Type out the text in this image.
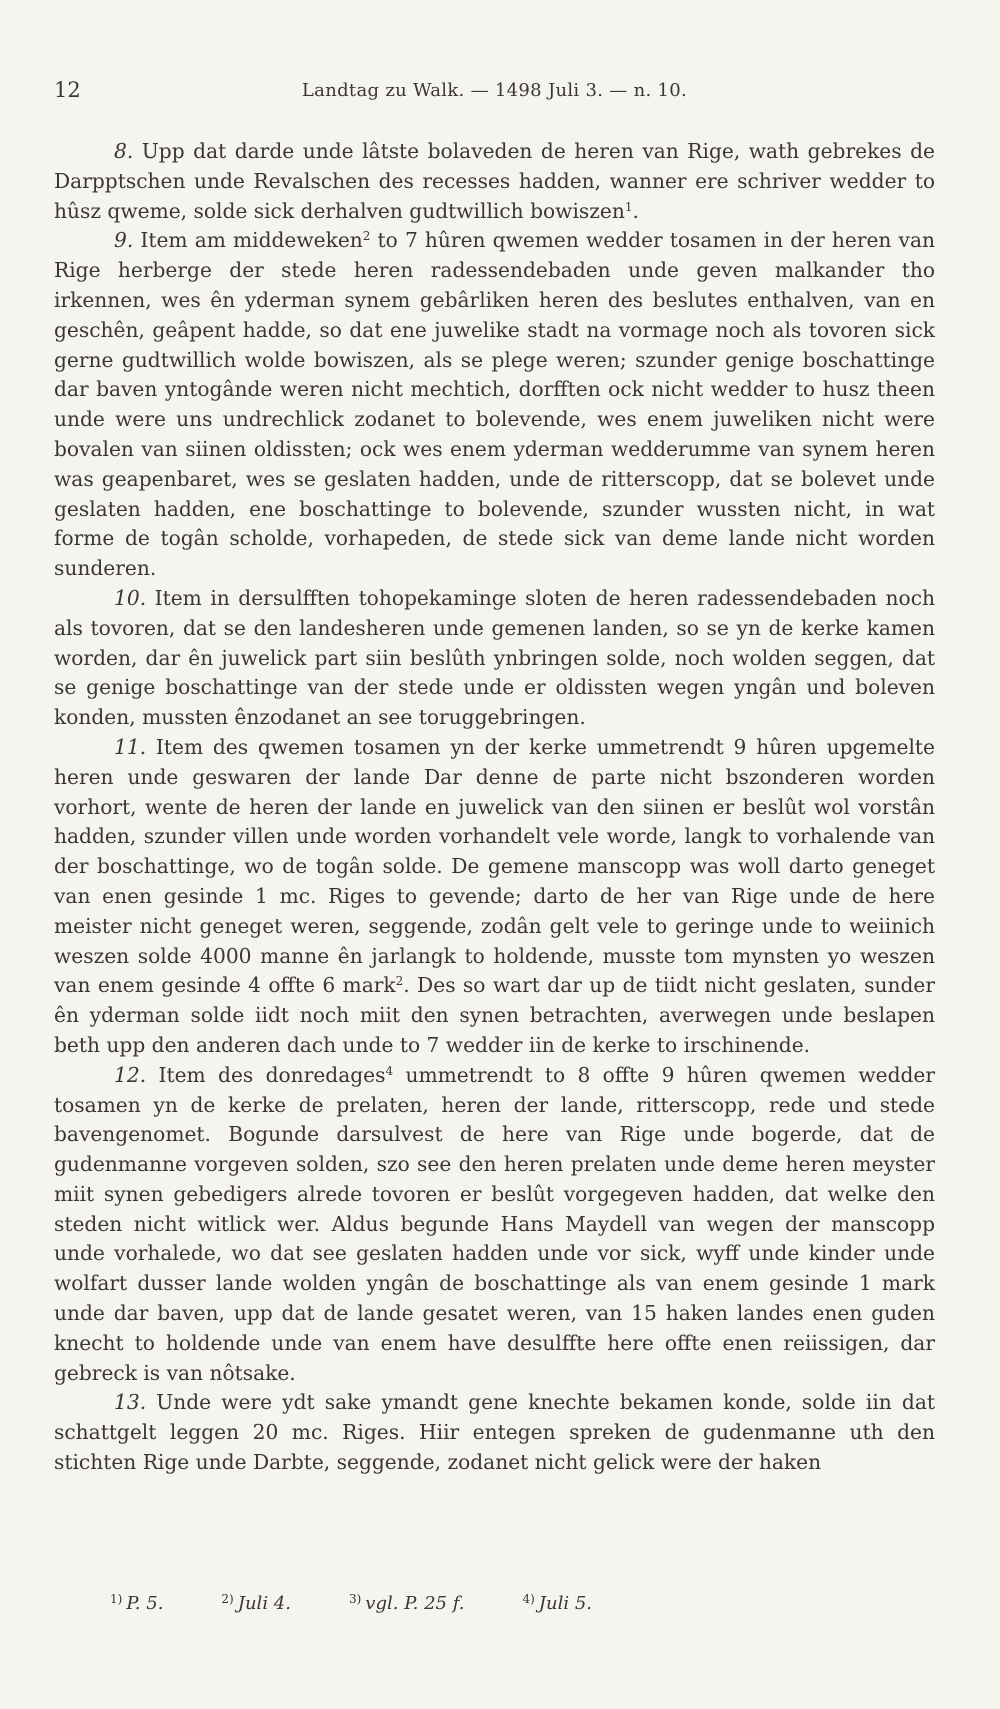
12	Landtag zu Walk. — 1498 Juli 3. — n. 10.

8. Upp dat darde unde lâtste bolaveden de heren van Rige, wath gebrekes de Darpptschen unde Revalschen des recesses hadden, wanner ere schriver wedder to hûsz qweme, solde sick derhalven gudtwillich bowiszen$^1$.

9. Item am middeweken$^2$ to 7 hûren qwemen wedder tosamen in der heren van Rige herberge der stede heren radessendebaden unde geven malkander tho irkennen, wes ên yderman synem gebârliken heren des beslutes enthalven, van en geschên, geâpent hadde, so dat ene juwelike stadt na vormage noch als tovoren sick gerne gudtwillich wolde bowiszen, als se plege weren; szunder genige boschattinge dar baven yntogânde weren nicht mechtich, dorfften ock nicht wedder to husz theen unde were uns undrechlick zodanet to bolevende, wes enem juweliken nicht were bovalen van siinen oldissten; ock wes enem yderman wedderumme van synem heren was geapenbaret, wes se geslaten hadden, unde de ritterscopp, dat se bolevet unde geslaten hadden, ene boschattinge to bolevende, szunder wussten nicht, in wat forme de togân scholde, vorhapeden, de stede sick van deme lande nicht worden sunderen.

10. Item in dersulfften tohopekaminge sloten de heren radessendebaden noch als tovoren, dat se den landesheren unde gemenen landen, so se yn de kerke kamen worden, dar ên juwelick part siin beslûth ynbringen solde, noch wolden seggen, dat se genige boschattinge van der stede unde er oldissten wegen yngân und boleven konden, mussten ênzodanet an see toruggebringen.

11. Item des qwemen tosamen yn der kerke ummetrendt 9 hûren upgemelte heren unde geswaren der lande Dar denne de parte nicht bszonderen worden vorhort, wente de heren der lande en juwelick van den siinen er beslût wol vorstân hadden, szunder villen unde worden vorhandelt vele worde, langk to vorhalende van der boschattinge, wo de togân solde. De gemene manscopp was woll darto geneget van enen gesinde 1 mc. Riges to gevende; darto de her van Rige unde de here meister nicht geneget weren, seggende, zodân gelt vele to geringe unde to weiinich weszen solde 4000 manne ên jarlangk to holdende, musste tom mynsten yo weszen van enem gesinde 4 offte 6 mark$^2$. Des so wart dar up de tiidt nicht geslaten, sunder ên yderman solde iidt noch miit den synen betrachten, averwegen unde beslapen beth upp den anderen dach unde to 7 wedder iin de kerke to irschinende.

12. Item des donredages$^4$ ummetrendt to 8 offte 9 hûren qwemen wedder tosamen yn de kerke de prelaten, heren der lande, ritterscopp, rede und stede bavengenomet. Bogunde darsulvest de here van Rige unde bogerde, dat de gudenmanne vorgeven solden, szo see den heren prelaten unde deme heren meyster miit synen gebedigers alrede tovoren er beslût vorgegeven hadden, dat welke den steden nicht witlick wer. Aldus begunde Hans Maydell van wegen der manscopp unde vorhalede, wo dat see geslaten hadden unde vor sick, wyff unde kinder unde wolfart dusser lande wolden yngân de boschattinge als van enem gesinde 1 mark unde dar baven, upp dat de lande gesatet weren, van 15 haken landes enen guden knecht to holdende unde van enem have desulffte here offte enen reiissigen, dar gebreck is van nôtsake.

13. Unde were ydt sake ymandt gene knechte bekamen konde, solde iin dat schattgelt leggen 20 mc. Riges. Hiir entegen spreken de gudenmanne uth den stichten Rige unde Darbte, seggende, zodanet nicht gelick were der haken

$^{1)}$ P. 5.	$^{2)}$ Juli 4.	$^{3)}$ vgl. P. 25 f.	$^{4)}$ Juli 5.
